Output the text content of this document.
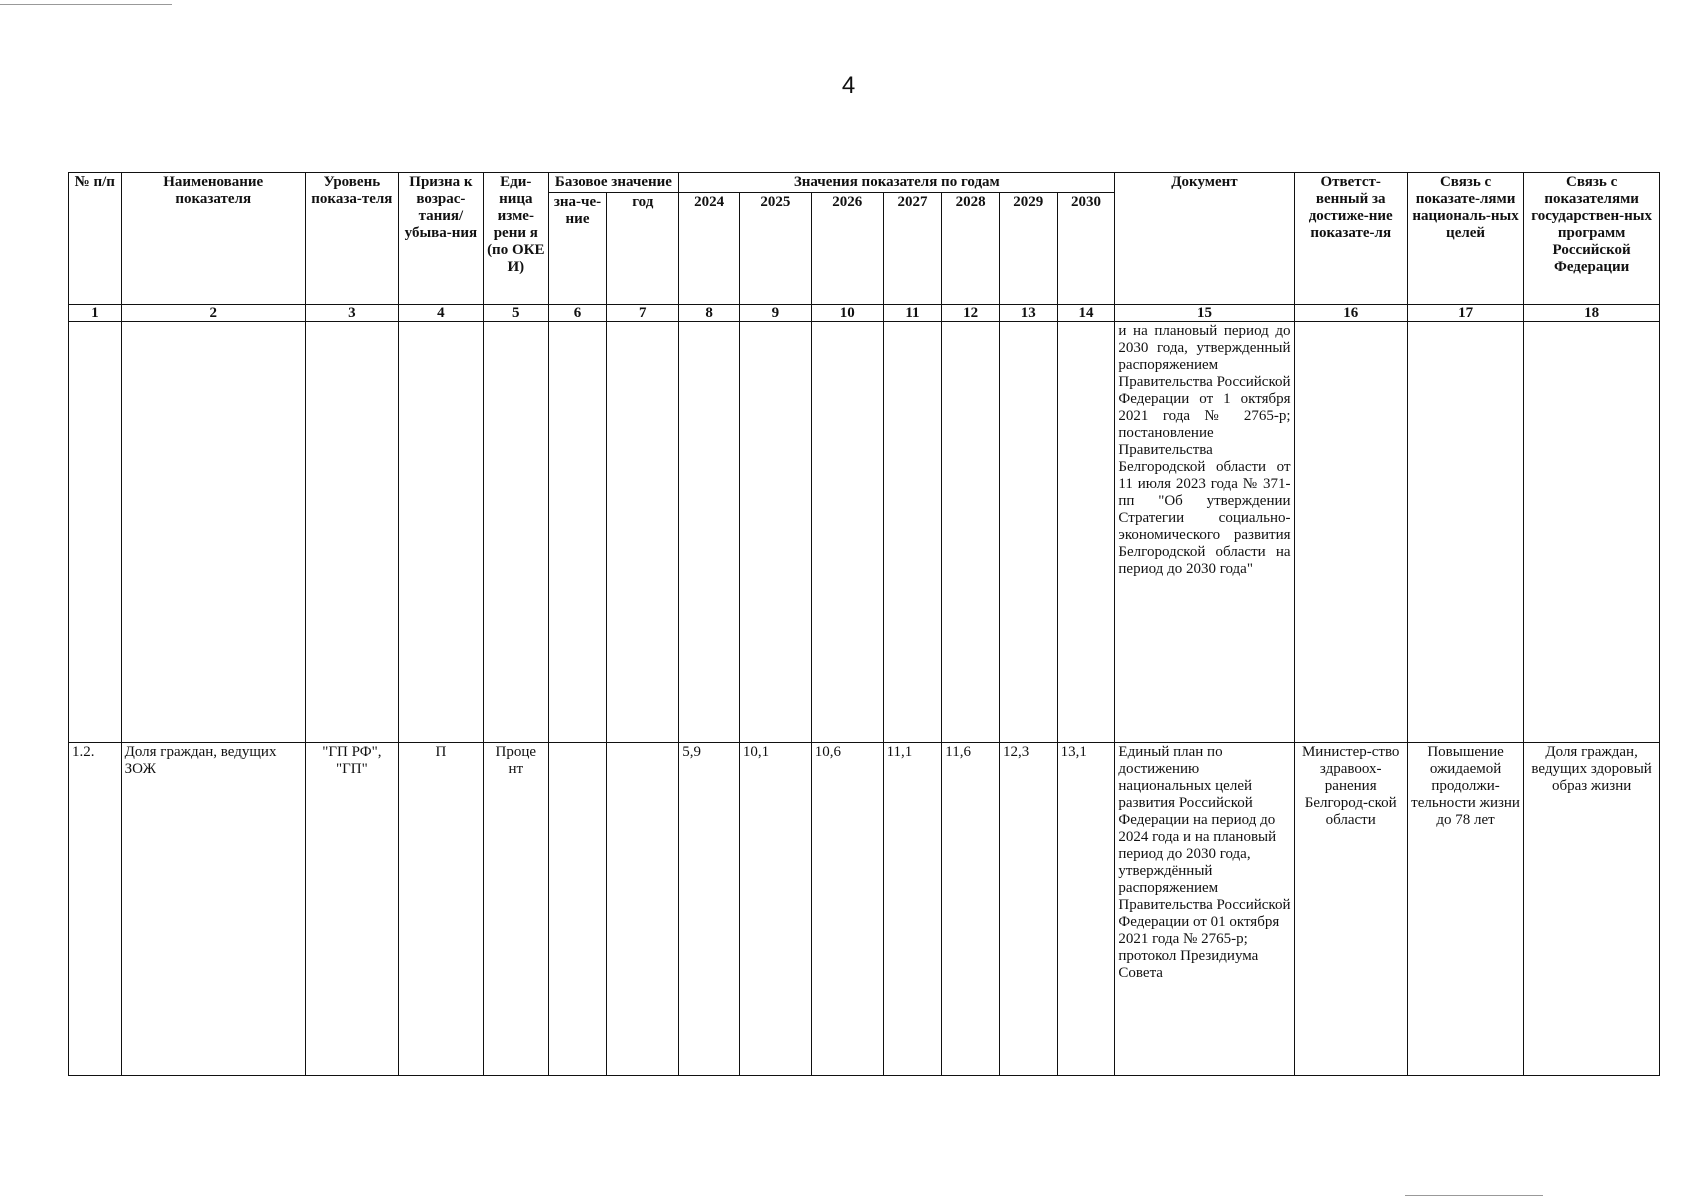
4
№ п/п	Наименование показателя	Уровень показа-теля	Призна к возрас-тания/ убыва-ния	Еди-ница изме-рени я (по ОКЕ И)	Базовое значение		Значения показателя по годам							Документ	Ответст-венный за достиже-ние показате-ля	Связь с показате-лями националь-ных целей	Связь с показателями государствен-ных программ Российской Федерации
					зна-че-ние	год	2024	2025	2026	2027	2028	2029	2030				
1	2	3	4	5	6	7	8	9	10	11	12	13	14	15	16	17	18
														и на плановый период до 2030 года, утвержденный распоряжением Правительства Российской Федерации от 1 октября 2021 года № 2765-р; постановление Правительства Белгородской области от 11 июля 2023 года № 371-пп "Об утверждении Стратегии социально-экономического развития Белгородской области на период до 2030 года"			
1.2.	Доля граждан, ведущих ЗОЖ	"ГП РФ", "ГП"	П	Проце нт			5,9	10,1	10,6	11,1	11,6	12,3	13,1	Единый план по достижению национальных целей развития Российской Федерации на период до 2024 года и на плановый период до 2030 года, утверждённый распоряжением Правительства Российской Федерации от 01 октября 2021 года № 2765-р; протокол Президиума Совета	Министер-ство здравоох-ранения Белгород-ской области	Повышение ожидаемой продолжи-тельности жизни до 78 лет	Доля граждан, ведущих здоровый образ жизни
